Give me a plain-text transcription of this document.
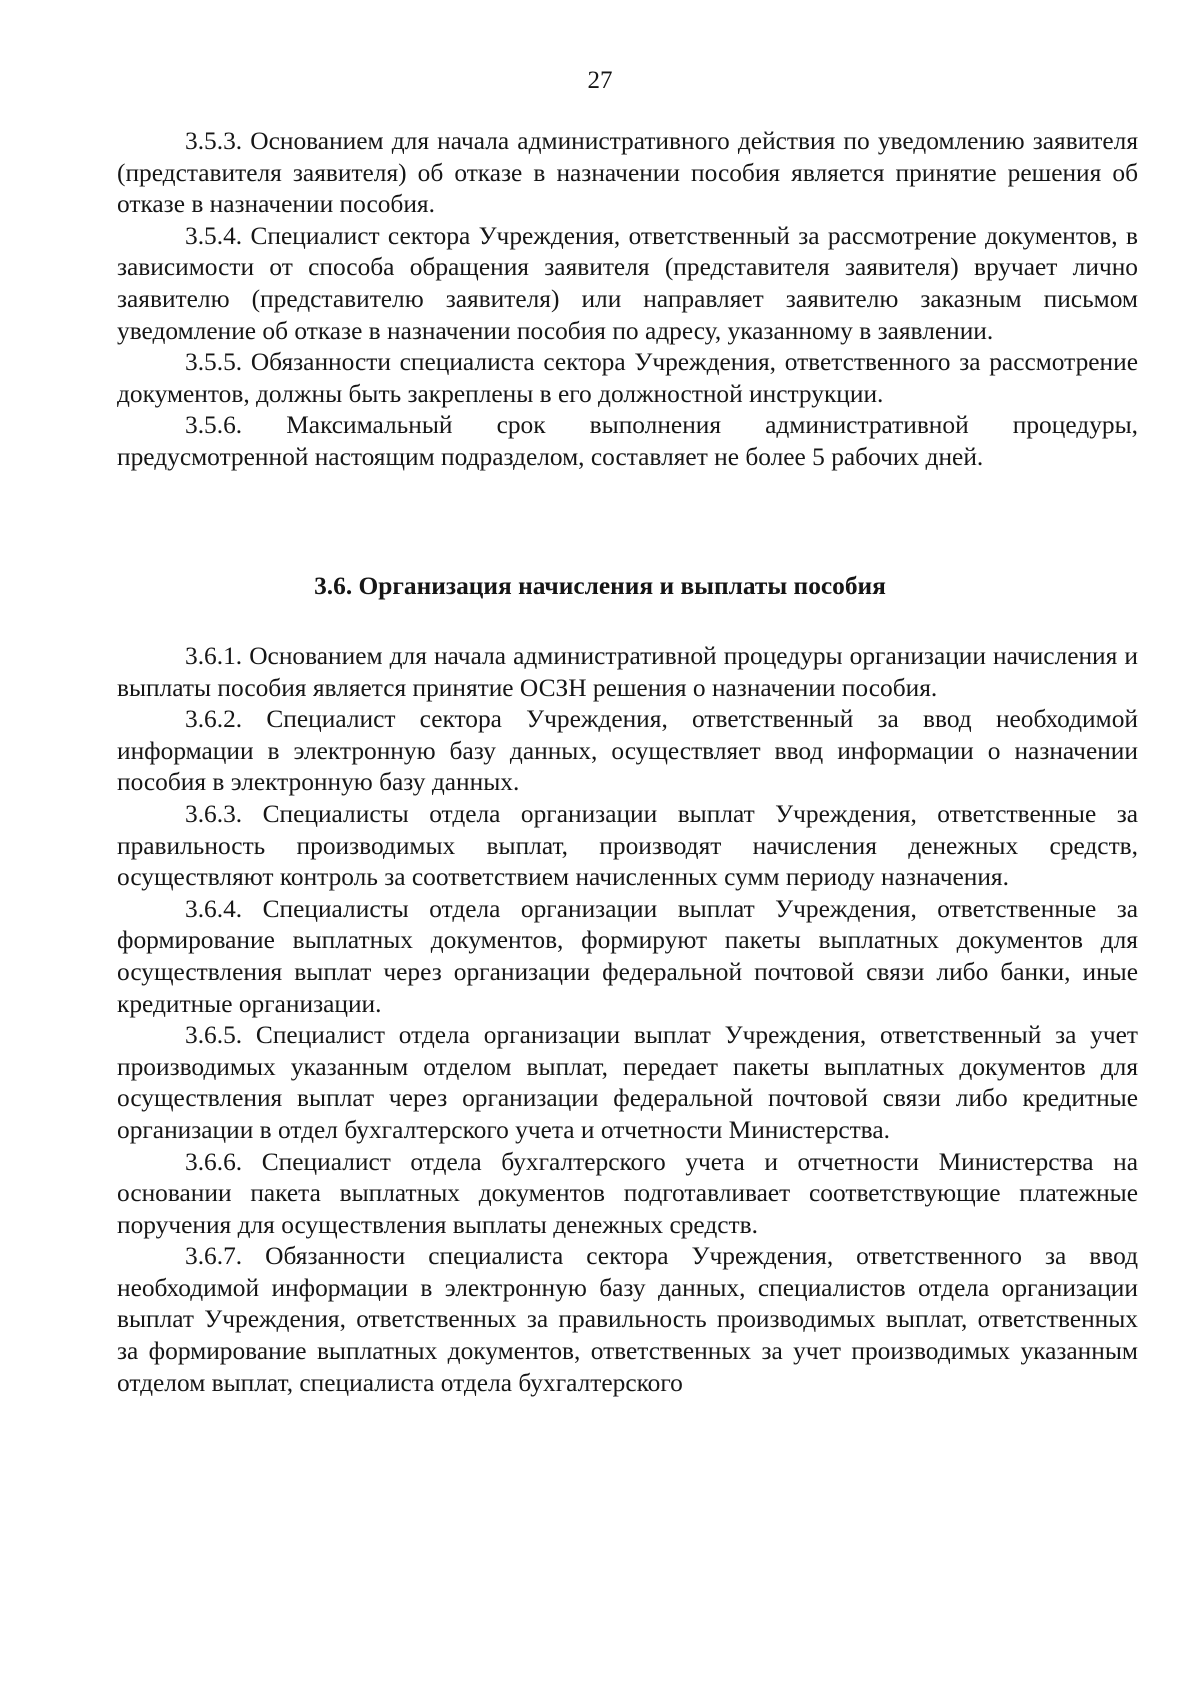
27

3.5.3. Основанием для начала административного действия по уведомлению заявителя (представителя заявителя) об отказе в назначении пособия является принятие решения об отказе в назначении пособия.

3.5.4. Специалист сектора Учреждения, ответственный за рассмотрение документов, в зависимости от способа обращения заявителя (представителя заявителя) вручает лично заявителю (представителю заявителя) или направляет заявителю заказным письмом уведомление об отказе в назначении пособия по адресу, указанному в заявлении.

3.5.5. Обязанности специалиста сектора Учреждения, ответственного за рассмотрение документов, должны быть закреплены в его должностной инструкции.

3.5.6. Максимальный срок выполнения административной процедуры, предусмотренной настоящим подразделом, составляет не более 5 рабочих дней.

3.6. Организация начисления и выплаты пособия

3.6.1. Основанием для начала административной процедуры организации начисления и выплаты пособия является принятие ОСЗН решения о назначении пособия.

3.6.2. Специалист сектора Учреждения, ответственный за ввод необходимой информации в электронную базу данных, осуществляет ввод информации о назначении пособия в электронную базу данных.

3.6.3. Специалисты отдела организации выплат Учреждения, ответственные за правильность производимых выплат, производят начисления денежных средств, осуществляют контроль за соответствием начисленных сумм периоду назначения.

3.6.4. Специалисты отдела организации выплат Учреждения, ответственные за формирование выплатных документов, формируют пакеты выплатных документов для осуществления выплат через организации федеральной почтовой связи либо банки, иные кредитные организации.

3.6.5. Специалист отдела организации выплат Учреждения, ответственный за учет производимых указанным отделом выплат, передает пакеты выплатных документов для осуществления выплат через организации федеральной почтовой связи либо кредитные организации в отдел бухгалтерского учета и отчетности Министерства.

3.6.6. Специалист отдела бухгалтерского учета и отчетности Министерства на основании пакета выплатных документов подготавливает соответствующие платежные поручения для осуществления выплаты денежных средств.

3.6.7. Обязанности специалиста сектора Учреждения, ответственного за ввод необходимой информации в электронную базу данных, специалистов отдела организации выплат Учреждения, ответственных за правильность производимых выплат, ответственных за формирование выплатных документов, ответственных за учет производимых указанным отделом выплат, специалиста отдела бухгалтерского
